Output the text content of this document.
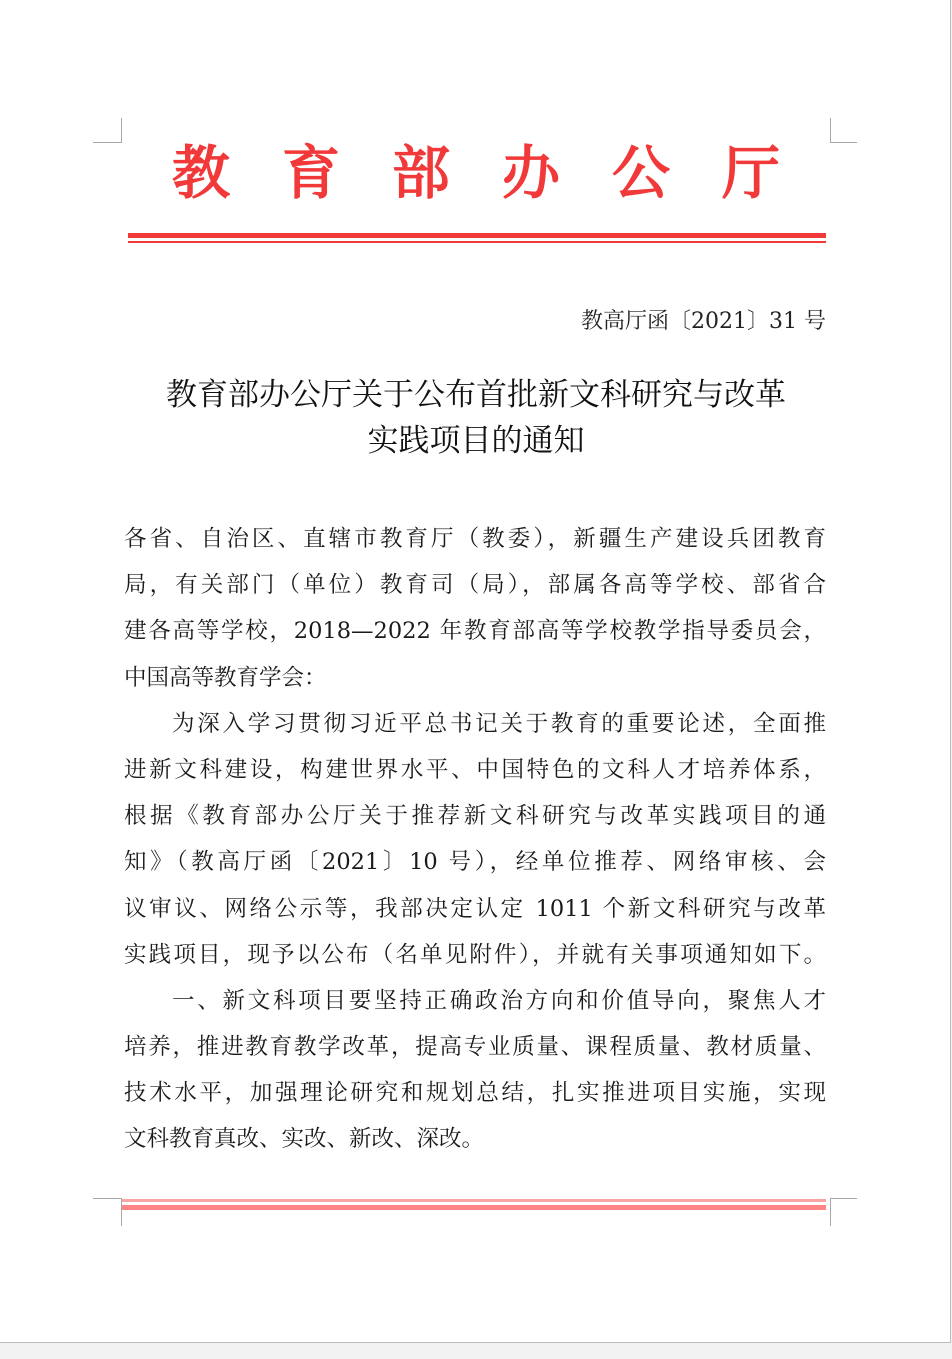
教 育 部 办 公 厅
教高厅函〔2021〕31 号
教育部办公厅关于公布首批新文科研究与改革
实践项目的通知
各省、自治区、直辖市教育厅（教委），新疆生产建设兵团教育
局，有关部门（单位）教育司（局），部属各高等学校、部省合
建各高等学校，2018—2022 年教育部高等学校教学指导委员会，
中国高等教育学会：
为深入学习贯彻习近平总书记关于教育的重要论述，全面推
进新文科建设，构建世界水平、中国特色的文科人才培养体系，
根据《教育部办公厅关于推荐新文科研究与改革实践项目的通
知》（教高厅函〔2021〕10 号），经单位推荐、网络审核、会
议审议、网络公示等，我部决定认定 1011 个新文科研究与改革
实践项目，现予以公布（名单见附件），并就有关事项通知如下。
一、新文科项目要坚持正确政治方向和价值导向，聚焦人才
培养，推进教育教学改革，提高专业质量、课程质量、教材质量、
技术水平，加强理论研究和规划总结，扎实推进项目实施，实现
文科教育真改、实改、新改、深改。
